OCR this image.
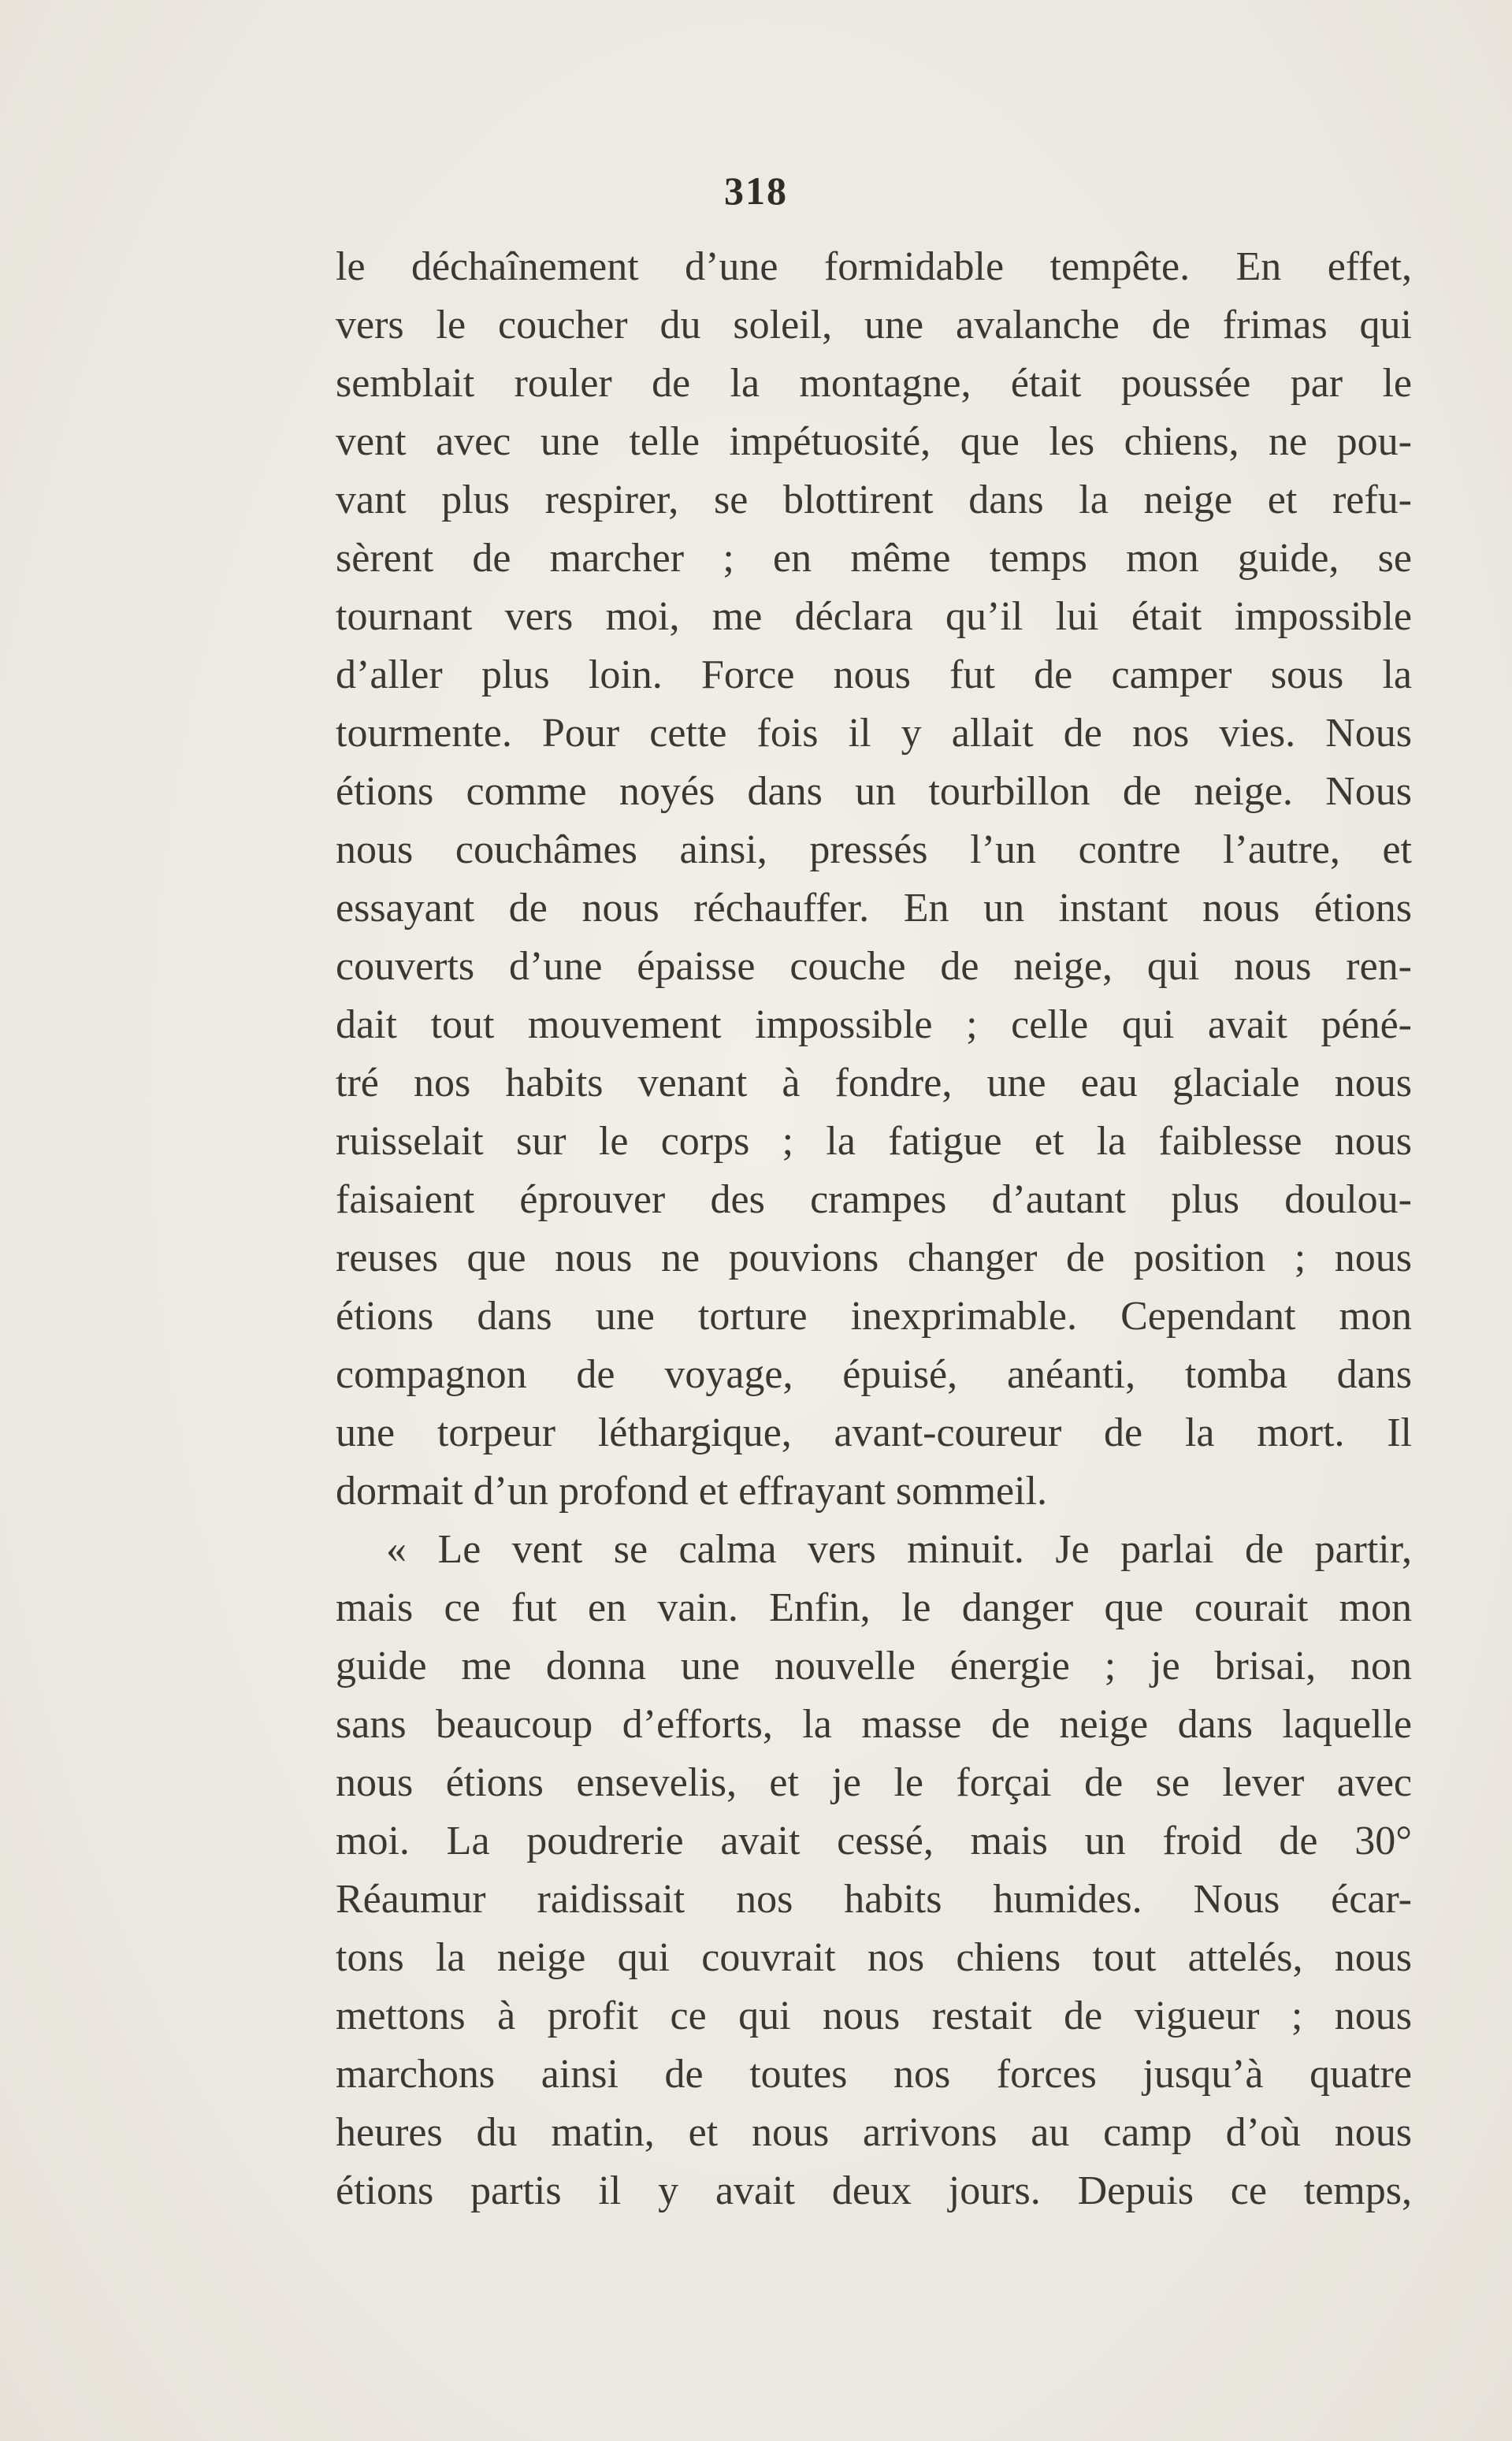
318
le déchaînement d’une formidable tempête. En effet,
vers le coucher du soleil, une avalanche de frimas qui
semblait rouler de la montagne, était poussée par le
vent avec une telle impétuosité, que les chiens, ne pou-
vant plus respirer, se blottirent dans la neige et refu-
sèrent de marcher ; en même temps mon guide, se
tournant vers moi, me déclara qu’il lui était impossible
d’aller plus loin. Force nous fut de camper sous la
tourmente. Pour cette fois il y allait de nos vies. Nous
étions comme noyés dans un tourbillon de neige. Nous
nous couchâmes ainsi, pressés l’un contre l’autre, et
essayant de nous réchauffer. En un instant nous étions
couverts d’une épaisse couche de neige, qui nous ren-
dait tout mouvement impossible ; celle qui avait péné-
tré nos habits venant à fondre, une eau glaciale nous
ruisselait sur le corps ; la fatigue et la faiblesse nous
faisaient éprouver des crampes d’autant plus doulou-
reuses que nous ne pouvions changer de position ; nous
étions dans une torture inexprimable. Cependant mon
compagnon de voyage, épuisé, anéanti, tomba dans
une torpeur léthargique, avant-coureur de la mort. Il
dormait d’un profond et effrayant sommeil.
« Le vent se calma vers minuit. Je parlai de partir,
mais ce fut en vain. Enfin, le danger que courait mon
guide me donna une nouvelle énergie ; je brisai, non
sans beaucoup d’efforts, la masse de neige dans laquelle
nous étions ensevelis, et je le forçai de se lever avec
moi. La poudrerie avait cessé, mais un froid de 30°
Réaumur raidissait nos habits humides. Nous écar-
tons la neige qui couvrait nos chiens tout attelés, nous
mettons à profit ce qui nous restait de vigueur ; nous
marchons ainsi de toutes nos forces jusqu’à quatre
heures du matin, et nous arrivons au camp d’où nous
étions partis il y avait deux jours. Depuis ce temps,
